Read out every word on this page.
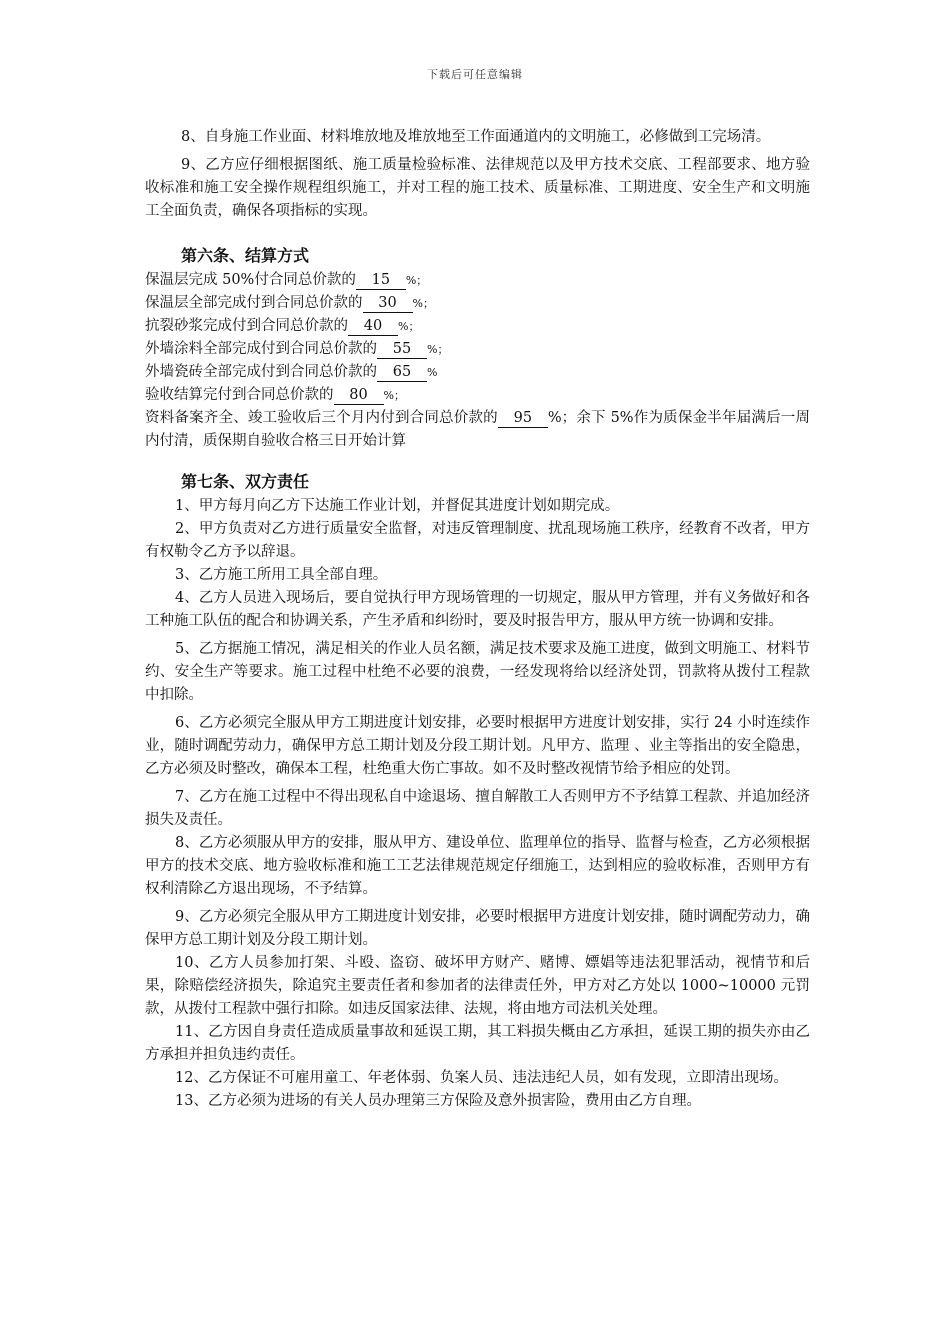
下载后可任意编辑

8、自身施工作业面、材料堆放地及堆放地至工作面通道内的文明施工，必修做到工完场清。

9、乙方应仔细根据图纸、施工质量检验标准、法律规范以及甲方技术交底、工程部要求、地方验收标准和施工安全操作规程组织施工，并对工程的施工技术、质量标准、工期进度、安全生产和文明施工全面负责，确保各项指标的实现。

第六条、结算方式

保温层完成 50%付合同总价款的 15 %；

保温层全部完成付到合同总价款的 30 %；

抗裂砂浆完成付到合同总价款的 40 %；

外墙涂料全部完成付到合同总价款的 55 %；

外墙瓷砖全部完成付到合同总价款的 65 %

验收结算完付到合同总价款的 80 %；

资料备案齐全、竣工验收后三个月内付到合同总价款的 95 %；余下 5%作为质保金半年届满后一周内付清，质保期自验收合格三日开始计算

第七条、双方责任

1、甲方每月向乙方下达施工作业计划，并督促其进度计划如期完成。

2、甲方负责对乙方进行质量安全监督，对违反管理制度、扰乱现场施工秩序，经教育不改者，甲方有权勒令乙方予以辞退。

3、乙方施工所用工具全部自理。

4、乙方人员进入现场后，要自觉执行甲方现场管理的一切规定，服从甲方管理，并有义务做好和各工种施工队伍的配合和协调关系，产生矛盾和纠纷时，要及时报告甲方，服从甲方统一协调和安排。

5、乙方据施工情况，满足相关的作业人员名额，满足技术要求及施工进度，做到文明施工、材料节约、安全生产等要求。施工过程中杜绝不必要的浪费，一经发现将给以经济处罚，罚款将从拨付工程款中扣除。

6、乙方必须完全服从甲方工期进度计划安排，必要时根据甲方进度计划安排，实行 24 小时连续作业，随时调配劳动力，确保甲方总工期计划及分段工期计划。凡甲方、监理 、业主等指出的安全隐患，乙方必须及时整改，确保本工程，杜绝重大伤亡事故。如不及时整改视情节给予相应的处罚。

7、乙方在施工过程中不得出现私自中途退场、擅自解散工人否则甲方不予结算工程款、并追加经济损失及责任。

8、乙方必须服从甲方的安排，服从甲方、建设单位、监理单位的指导、监督与检查，乙方必须根据甲方的技术交底、地方验收标准和施工工艺法律规范规定仔细施工，达到相应的验收标准，否则甲方有权利清除乙方退出现场，不予结算。

9、乙方必须完全服从甲方工期进度计划安排，必要时根据甲方进度计划安排，随时调配劳动力，确保甲方总工期计划及分段工期计划。

10、乙方人员参加打架、斗殴、盗窃、破坏甲方财产、赌博、嫖娼等违法犯罪活动，视情节和后果，除赔偿经济损失，除追究主要责任者和参加者的法律责任外，甲方对乙方处以 1000~10000 元罚款，从拨付工程款中强行扣除。如违反国家法律、法规，将由地方司法机关处理。

11、乙方因自身责任造成质量事故和延误工期，其工料损失概由乙方承担，延误工期的损失亦由乙方承担并担负违约责任。

12、乙方保证不可雇用童工、年老体弱、负案人员、违法违纪人员，如有发现，立即清出现场。

13、乙方必须为进场的有关人员办理第三方保险及意外损害险，费用由乙方自理。
